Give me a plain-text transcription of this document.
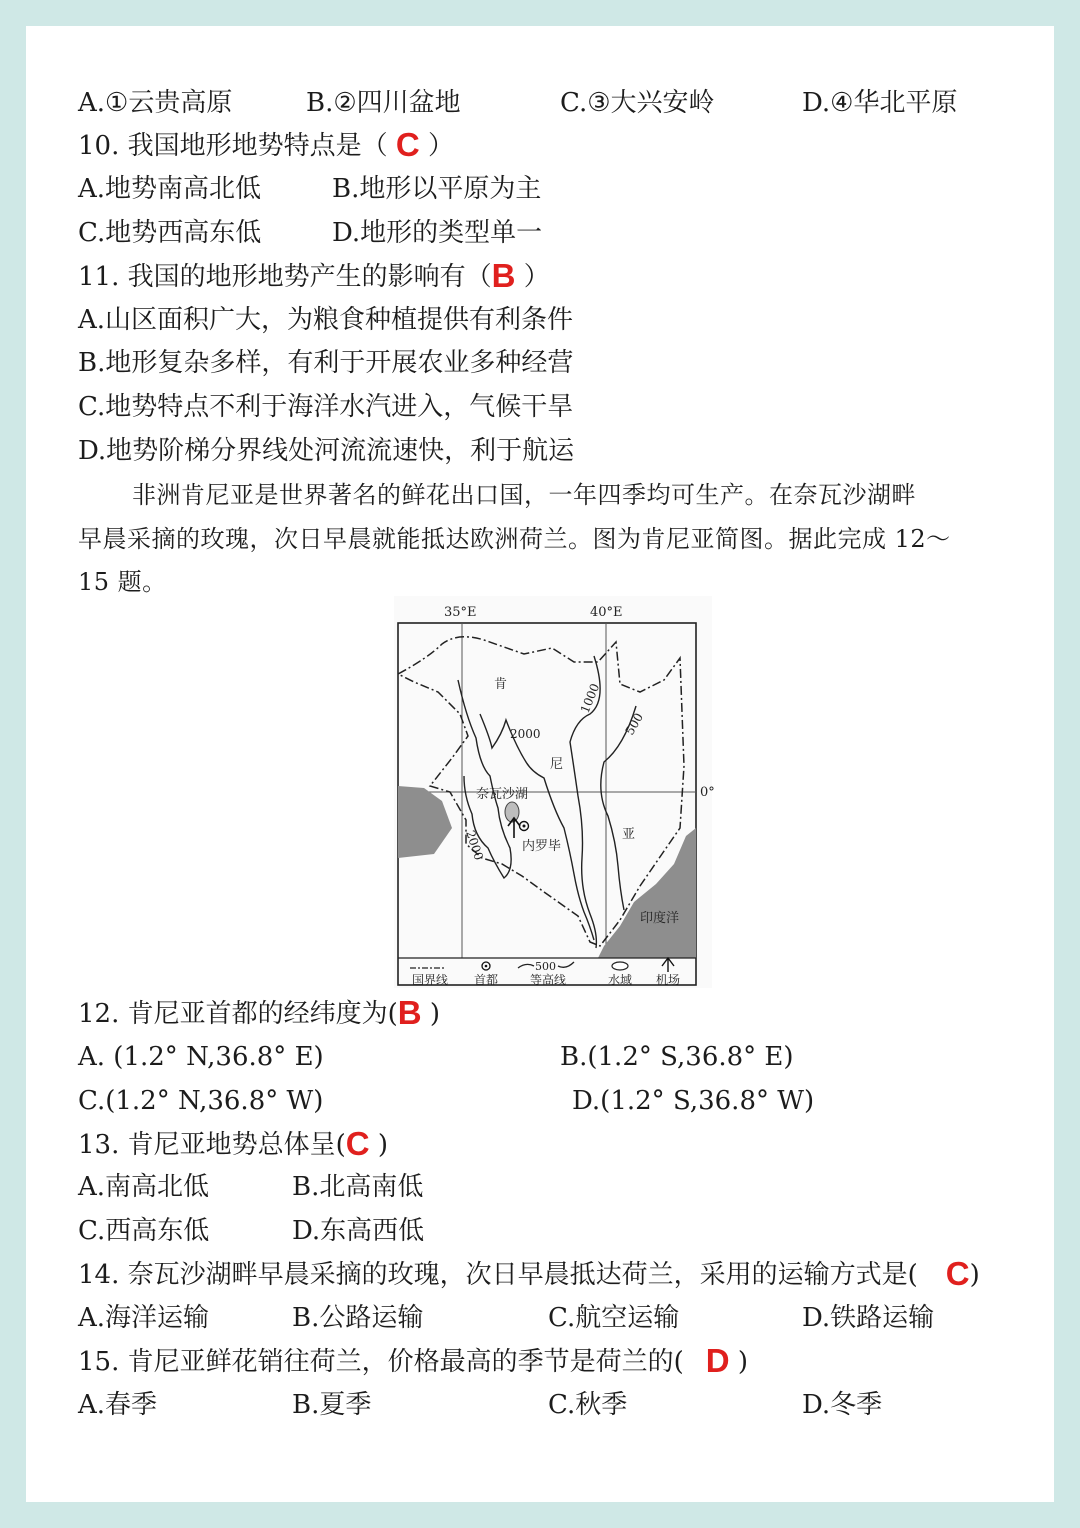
A.①云贵高原	B.②四川盆地	C.③大兴安岭	D.④华北平原
10. 我国地形地势特点是（ C ）
A.地势南高北低	B.地形以平原为主
C.地势西高东低	D.地形的类型单一
11. 我国的地形地势产生的影响有（B ）
A.山区面积广大，为粮食种植提供有利条件
B.地形复杂多样，有利于开展农业多种经营
C.地势特点不利于海洋水汽进入，气候干旱
D.地势阶梯分界线处河流流速快，利于航运
非洲肯尼亚是世界著名的鲜花出口国，一年四季均可生产。在奈瓦沙湖畔
早晨采摘的玫瑰，次日早晨就能抵达欧洲荷兰。图为肯尼亚简图。据此完成 12～
15 题。
35°E	40°E
0°
肯
尼
亚
2000
1000
500
2000
奈瓦沙湖
内罗毕
印度洋
国界线 首都
500
等高线	水域 机场
12. 肯尼亚首都的经纬度为(B )
A. (1.2° N,36.8° E)	B.(1.2° S,36.8° E)
C.(1.2° N,36.8° W)	D.(1.2° S,36.8° W)
13. 肯尼亚地势总体呈(C )
A.南高北低	B.北高南低
C.西高东低	D.东高西低
14. 奈瓦沙湖畔早晨采摘的玫瑰，次日早晨抵达荷兰，采用的运输方式是( C)
A.海洋运输	B.公路运输	C.航空运输	D.铁路运输
15. 肯尼亚鲜花销往荷兰，价格最高的季节是荷兰的( D )
A.春季	B.夏季	C.秋季	D.冬季
